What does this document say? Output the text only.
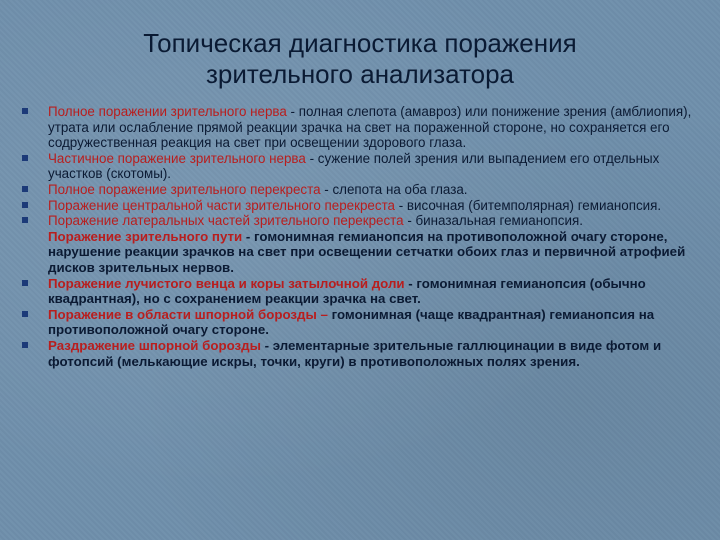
Топическая диагностика поражения
зрительного анализатора
Полное поражении зрительного нерва - полная слепота (амавроз) или понижение зрения (амблиопия), утрата или ослабление прямой реакции зрачка на свет на пораженной стороне, но сохраняется его содружественная реакция на свет при освещении здорового глаза.
Частичное поражение зрительного нерва - сужение полей зрения или выпадением его отдельных участков (скотомы).
Полное поражение зрительного перекреста - слепота на оба глаза.
Поражение центральной части зрительного перекреста - височная (битемполярная) гемианопсия.
Поражение латеральных частей зрительного перекреста - биназальная гемианопсия.
Поражение зрительного пути - гомонимная гемианопсия на противоположной очагу стороне, нарушение реакции зрачков на свет при освещении сетчатки обоих глаз и первичной атрофией дисков зрительных нервов.
Поражение лучистого венца и коры затылочной доли - гомонимная гемианопсия (обычно квадрантная), но с сохранением реакции зрачка на свет.
Поражение в области шпорной борозды – гомонимная (чаще квадрантная) гемианопсия на противоположной очагу стороне.
Раздражение шпорной борозды - элементарные зрительные галлюцинации в виде фотом и фотопсий (мелькающие искры, точки, круги) в противоположных полях зрения.
